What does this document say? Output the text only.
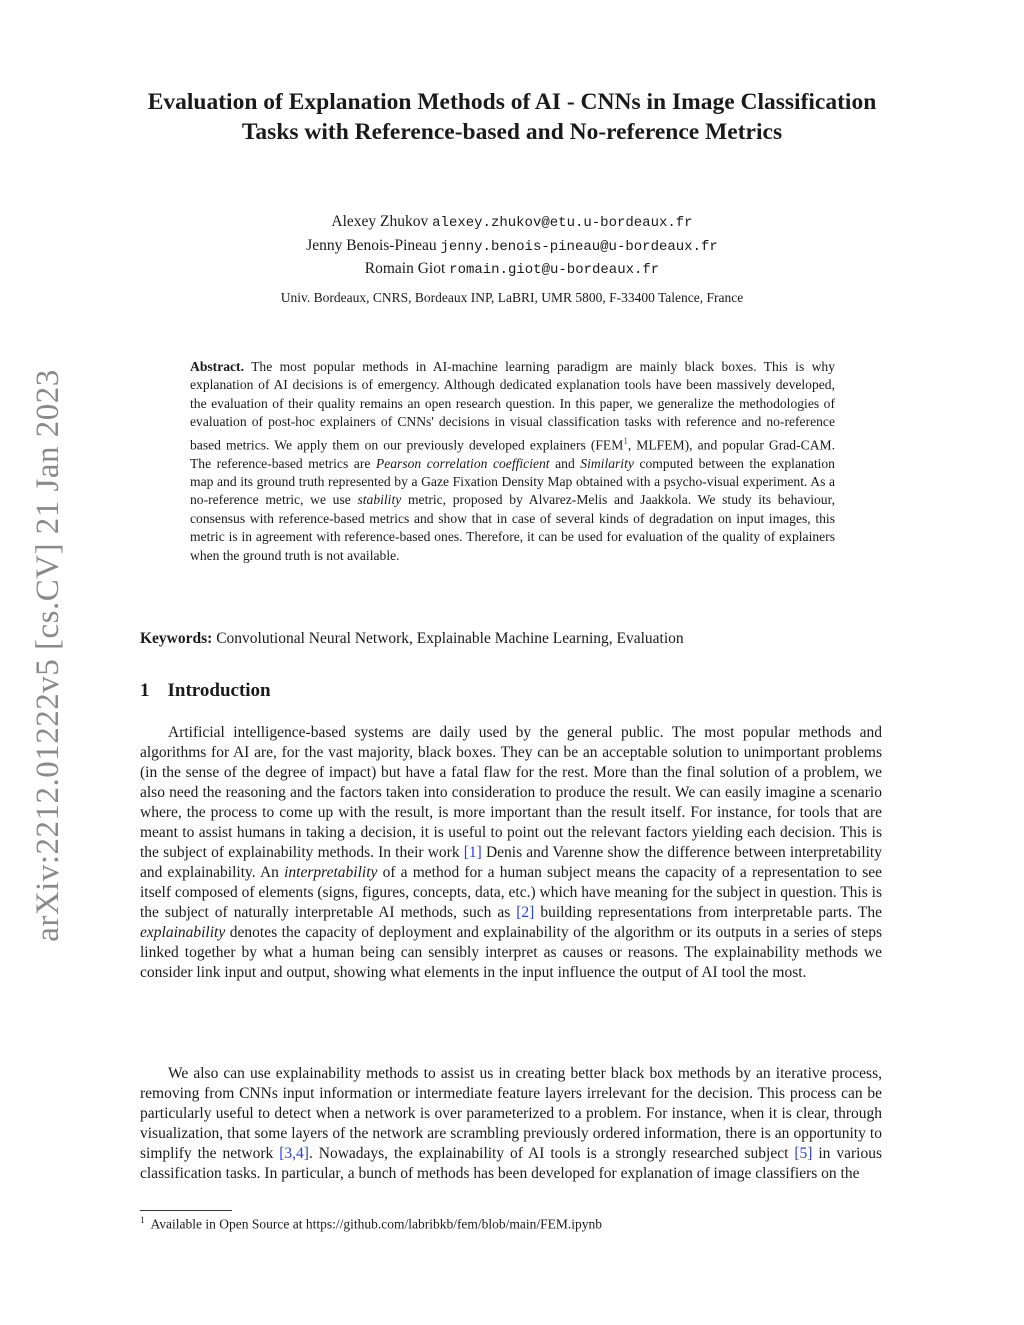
arXiv:2212.01222v5 [cs.CV] 21 Jan 2023
Evaluation of Explanation Methods of AI - CNNs in Image Classification Tasks with Reference-based and No-reference Metrics
Alexey Zhukov alexey.zhukov@etu.u-bordeaux.fr
Jenny Benois-Pineau jenny.benois-pineau@u-bordeaux.fr
Romain Giot romain.giot@u-bordeaux.fr
Univ. Bordeaux, CNRS, Bordeaux INP, LaBRI, UMR 5800, F-33400 Talence, France
Abstract. The most popular methods in AI-machine learning paradigm are mainly black boxes. This is why explanation of AI decisions is of emergency. Although dedicated explanation tools have been massively developed, the evaluation of their quality remains an open research question. In this paper, we generalize the methodologies of evaluation of post-hoc explainers of CNNs' decisions in visual classification tasks with reference and no-reference based metrics. We apply them on our previously developed explainers (FEM$^1$, MLFEM), and popular Grad-CAM. The reference-based metrics are Pearson correlation coefficient and Similarity computed between the explanation map and its ground truth represented by a Gaze Fixation Density Map obtained with a psycho-visual experiment. As a no-reference metric, we use stability metric, proposed by Alvarez-Melis and Jaakkola. We study its behaviour, consensus with reference-based metrics and show that in case of several kinds of degradation on input images, this metric is in agreement with reference-based ones. Therefore, it can be used for evaluation of the quality of explainers when the ground truth is not available.
Keywords: Convolutional Neural Network, Explainable Machine Learning, Evaluation
1 Introduction

Artificial intelligence-based systems are daily used by the general public. The most popular methods and algorithms for AI are, for the vast majority, black boxes. They can be an acceptable solution to unimportant problems (in the sense of the degree of impact) but have a fatal flaw for the rest. More than the final solution of a problem, we also need the reasoning and the factors taken into consideration to produce the result. We can easily imagine a scenario where, the process to come up with the result, is more important than the result itself. For instance, for tools that are meant to assist humans in taking a decision, it is useful to point out the relevant factors yielding each decision. This is the subject of explainability methods. In their work [1] Denis and Varenne show the difference between interpretability and explainability. An interpretability of a method for a human subject means the capacity of a representation to see itself composed of elements (signs, figures, concepts, data, etc.) which have meaning for the subject in question. This is the subject of naturally interpretable AI methods, such as [2] building representations from interpretable parts. The explainability denotes the capacity of deployment and explainability of the algorithm or its outputs in a series of steps linked together by what a human being can sensibly interpret as causes or reasons. The explainability methods we consider link input and output, showing what elements in the input influence the output of AI tool the most.

We also can use explainability methods to assist us in creating better black box methods by an iterative process, removing from CNNs input information or intermediate feature layers irrelevant for the decision. This process can be particularly useful to detect when a network is over parameterized to a problem. For instance, when it is clear, through visualization, that some layers of the network are scrambling previously ordered information, there is an opportunity to simplify the network [3,4]. Nowadays, the explainability of AI tools is a strongly researched subject [5] in various classification tasks. In particular, a bunch of methods has been developed for explanation of image classifiers on the

$^1$ Available in Open Source at https://github.com/labribkb/fem/blob/main/FEM.ipynb
